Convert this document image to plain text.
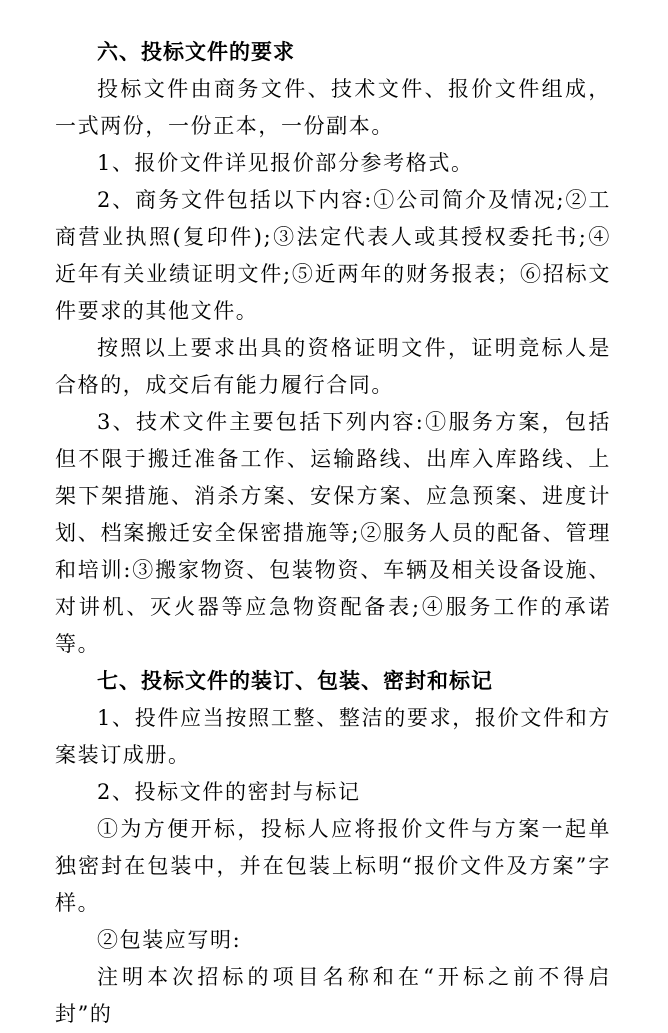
六、投标文件的要求

投标文件由商务文件、技术文件、报价文件组成，一式两份，一份正本，一份副本。

1、报价文件详见报价部分参考格式。

2、商务文件包括以下内容:①公司简介及情况;②工商营业执照(复印件);③法定代表人或其授权委托书;④近年有关业绩证明文件;⑤近两年的财务报表；⑥招标文件要求的其他文件。

按照以上要求出具的资格证明文件，证明竞标人是合格的，成交后有能力履行合同。

3、技术文件主要包括下列内容:①服务方案，包括但不限于搬迁准备工作、运输路线、出库入库路线、上架下架措施、消杀方案、安保方案、应急预案、进度计划、档案搬迁安全保密措施等;②服务人员的配备、管理和培训:③搬家物资、包装物资、车辆及相关设备设施、对讲机、灭火器等应急物资配备表;④服务工作的承诺等。

七、投标文件的装订、包装、密封和标记

1、投件应当按照工整、整洁的要求，报价文件和方案装订成册。

2、投标文件的密封与标记

①为方便开标，投标人应将报价文件与方案一起单独密封在包装中，并在包装上标明“报价文件及方案”字样。

②包装应写明:

注明本次招标的项目名称和在“开标之前不得启封”的
